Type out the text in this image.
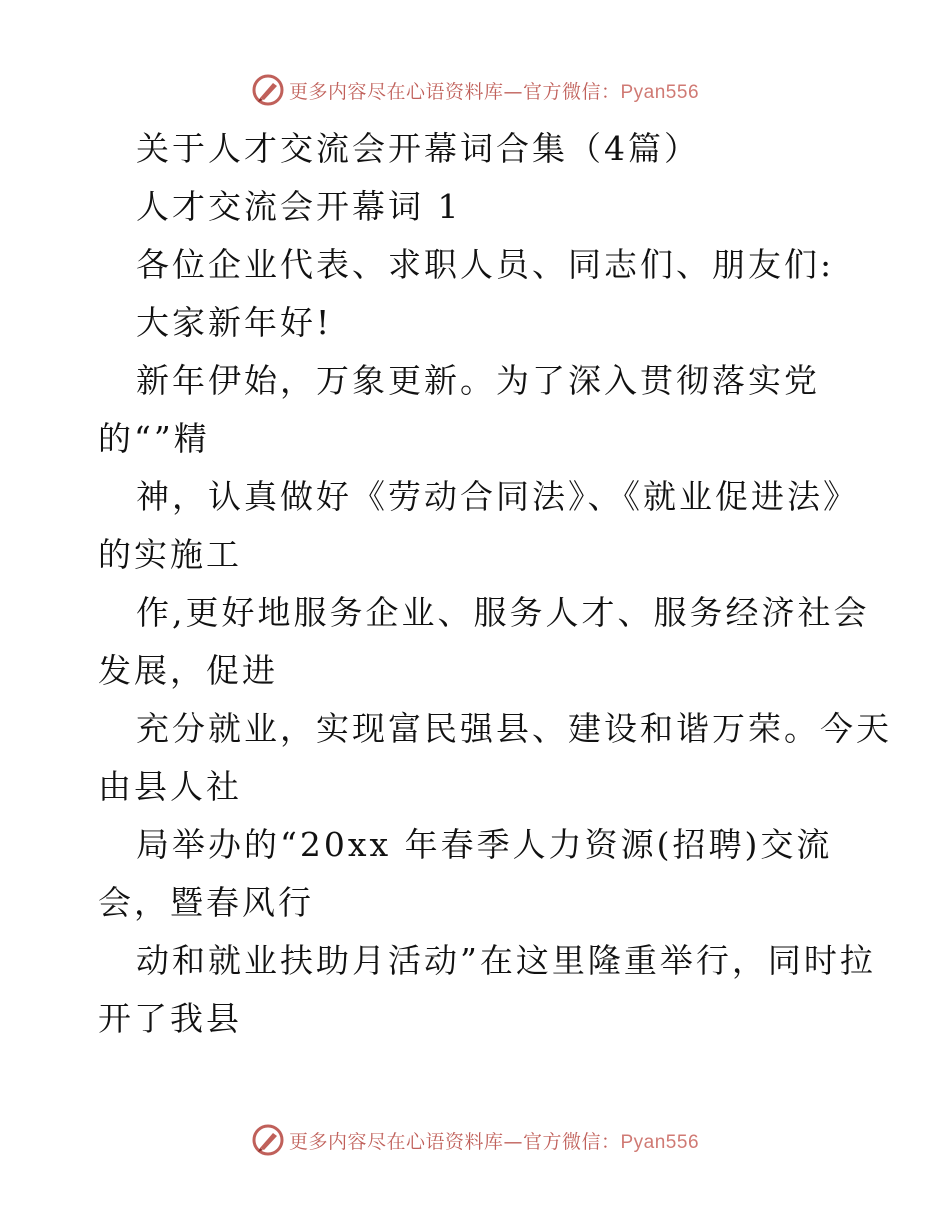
更多内容尽在心语资料库—官方微信：Pyan556
关于人才交流会开幕词合集（4篇）
人才交流会开幕词 1
各位企业代表、求职人员、同志们、朋友们:
大家新年好!
新年伊始，万象更新。为了深入贯彻落实党
的“”精
神，认真做好《劳动合同法》、《就业促进法》
的实施工
作,更好地服务企业、服务人才、服务经济社会
发展，促进
充分就业，实现富民强县、建设和谐万荣。今天
由县人社
局举办的“20xx 年春季人力资源(招聘)交流
会，暨春风行
动和就业扶助月活动”在这里隆重举行，同时拉
开了我县
更多内容尽在心语资料库—官方微信：Pyan556
